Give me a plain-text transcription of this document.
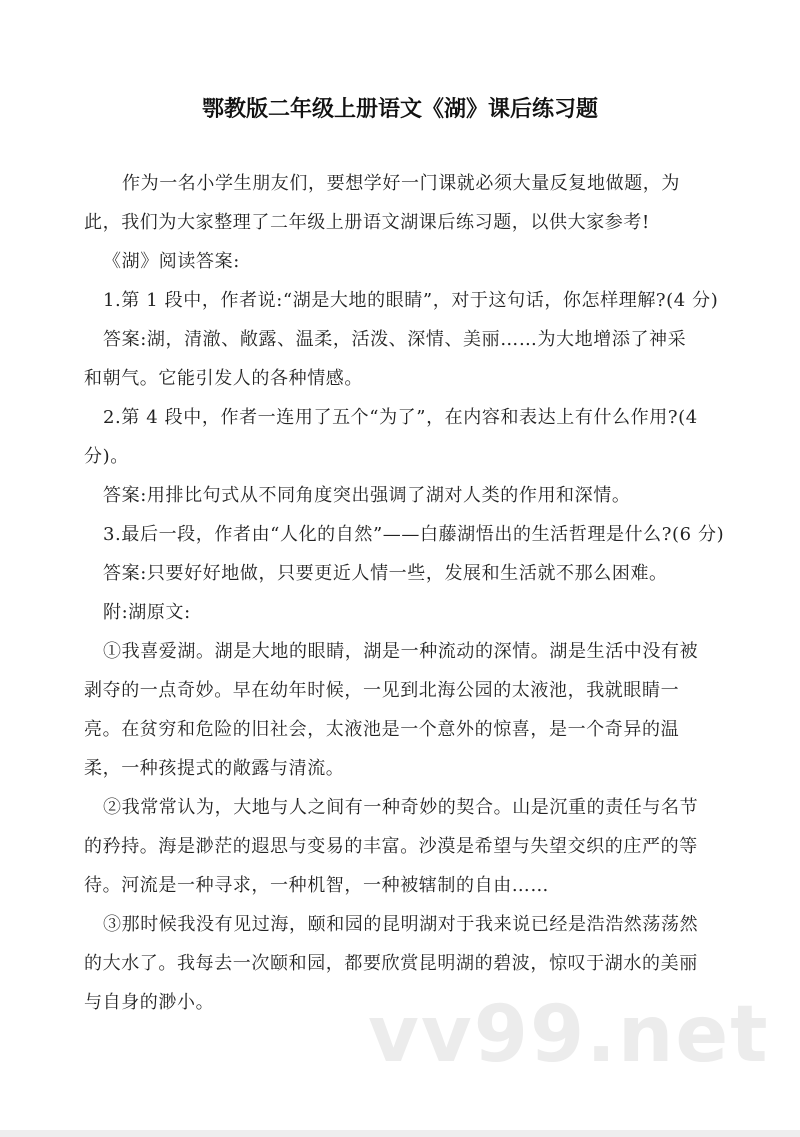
鄂教版二年级上册语文《湖》课后练习题
作为一名小学生朋友们，要想学好一门课就必须大量反复地做题，为
此，我们为大家整理了二年级上册语文湖课后练习题，以供大家参考!
《湖》阅读答案:
1.第 1 段中，作者说:“湖是大地的眼睛”，对于这句话，你怎样理解?(4 分)
答案:湖，清澈、敞露、温柔，活泼、深情、美丽……为大地增添了神采
和朝气。它能引发人的各种情感。
2.第 4 段中，作者一连用了五个“为了”，在内容和表达上有什么作用?(4
分)。
答案:用排比句式从不同角度突出强调了湖对人类的作用和深情。
3.最后一段，作者由“人化的自然”——白藤湖悟出的生活哲理是什么?(6 分)
答案:只要好好地做，只要更近人情一些，发展和生活就不那么困难。
附:湖原文:
①我喜爱湖。湖是大地的眼睛，湖是一种流动的深情。湖是生活中没有被
剥夺的一点奇妙。早在幼年时候，一见到北海公园的太液池，我就眼睛一
亮。在贫穷和危险的旧社会，太液池是一个意外的惊喜，是一个奇异的温
柔，一种孩提式的敞露与清流。
②我常常认为，大地与人之间有一种奇妙的契合。山是沉重的责任与名节
的矜持。海是渺茫的遐思与变易的丰富。沙漠是希望与失望交织的庄严的等
待。河流是一种寻求，一种机智，一种被辖制的自由……
③那时候我没有见过海，颐和园的昆明湖对于我来说已经是浩浩然荡荡然
的大水了。我每去一次颐和园，都要欣赏昆明湖的碧波，惊叹于湖水的美丽
与自身的渺小。 vv99.net
